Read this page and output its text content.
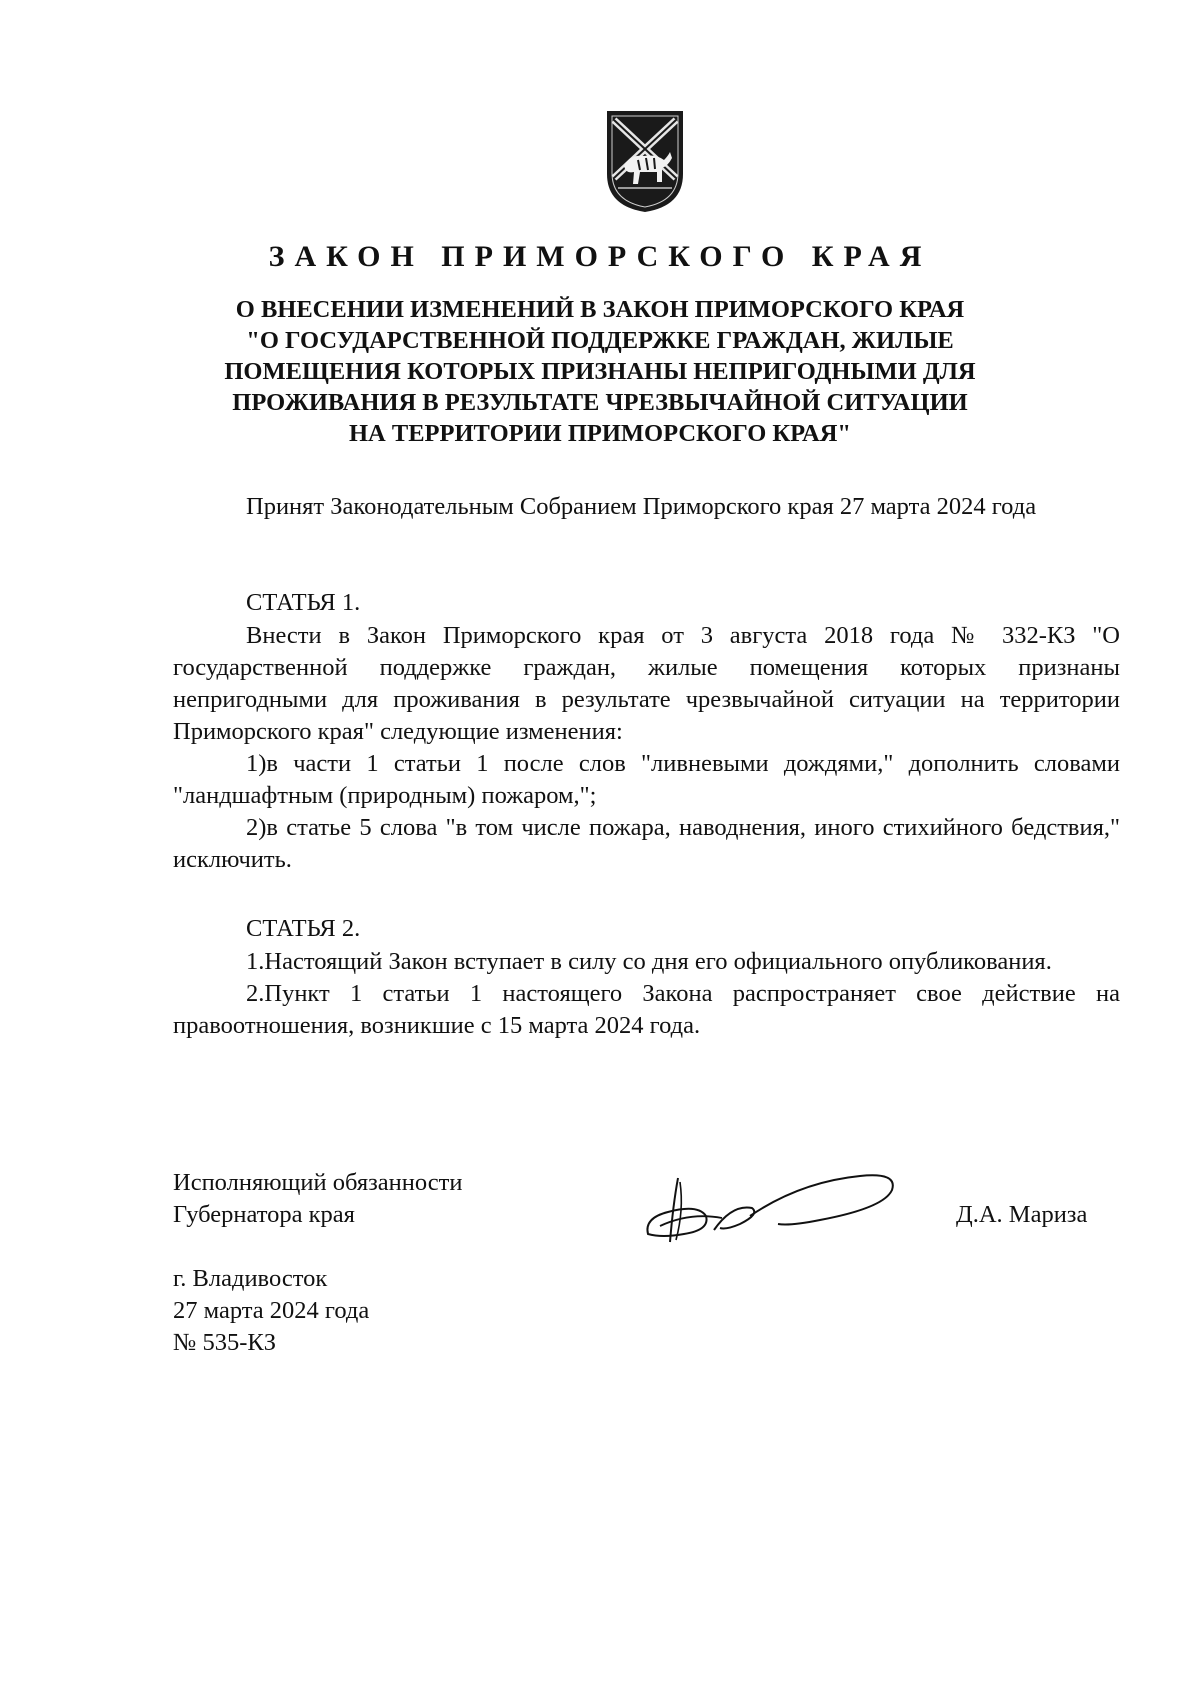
ЗАКОН ПРИМОРСКОГО КРАЯ
О ВНЕСЕНИИ ИЗМЕНЕНИЙ В ЗАКОН ПРИМОРСКОГО КРАЯ
"О ГОСУДАРСТВЕННОЙ ПОДДЕРЖКЕ ГРАЖДАН, ЖИЛЫЕ
ПОМЕЩЕНИЯ КОТОРЫХ ПРИЗНАНЫ НЕПРИГОДНЫМИ ДЛЯ
ПРОЖИВАНИЯ В РЕЗУЛЬТАТЕ ЧРЕЗВЫЧАЙНОЙ СИТУАЦИИ
НА ТЕРРИТОРИИ ПРИМОРСКОГО КРАЯ"

Принят Законодательным Собранием Приморского края 27 марта 2024 года

СТАТЬЯ 1.

Внести в Закон Приморского края от 3 августа 2018 года № 332-КЗ "О государственной поддержке граждан, жилые помещения которых признаны непригодными для проживания в результате чрезвычайной ситуации на территории Приморского края" следующие изменения:

1)в части 1 статьи 1 после слов "ливневыми дождями," дополнить словами "ландшафтным (природным) пожаром,";

2)в статье 5 слова "в том числе пожара, наводнения, иного стихийного бедствия," исключить.

СТАТЬЯ 2.

1.Настоящий Закон вступает в силу со дня его официального опубликования.

2.Пункт 1 статьи 1 настоящего Закона распространяет свое действие на правоотношения, возникшие с 15 марта 2024 года.

Исполняющий обязанности
Губернатора края	Д.А. Мариза
г. Владивосток
27 марта 2024 года
№ 535-КЗ
